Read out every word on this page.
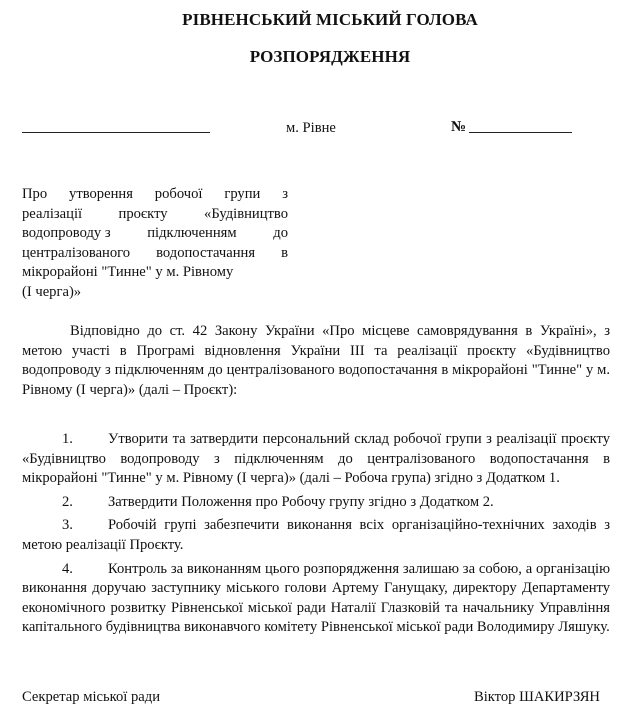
РІВНЕНСЬКИЙ МІСЬКИЙ ГОЛОВА
РОЗПОРЯДЖЕННЯ
м. Рівне	№
Про утворення робочої групи з
реалізації проєкту «Будівництво
водопроводу з	підключенням	до
централізованого водопостачання в
мікрорайоні "Тинне" у м. Рівному
(І черга)»
Відповідно до ст. 42 Закону України «Про місцеве самоврядування в Україні», з метою участі в Програмі відновлення України ІІІ та реалізації проєкту «Будівництво водопроводу з підключенням до централізованого водопостачання в мікрорайоні "Тинне" у м. Рівному (І черга)» (далі – Проєкт):
1. Утворити та затвердити персональний склад робочої групи з реалізації проєкту «Будівництво водопроводу з підключенням до централізованого водопостачання в мікрорайоні "Тинне" у м. Рівному (І черга)» (далі – Робоча група) згідно з Додатком 1.
2. Затвердити Положення про Робочу групу згідно з Додатком 2.
3. Робочій групі забезпечити виконання всіх організаційно-технічних заходів з метою реалізації Проєкту.
4. Контроль за виконанням цього розпорядження залишаю за собою, а організацію виконання доручаю заступнику міського голови Артему Ганущаку, директору Департаменту економічного розвитку Рівненської міської ради Наталії Глазковій та начальнику Управління капітального будівництва виконавчого комітету Рівненської міської ради Володимиру Ляшуку.
Секретар міської ради	Віктор ШАКИРЗЯН
